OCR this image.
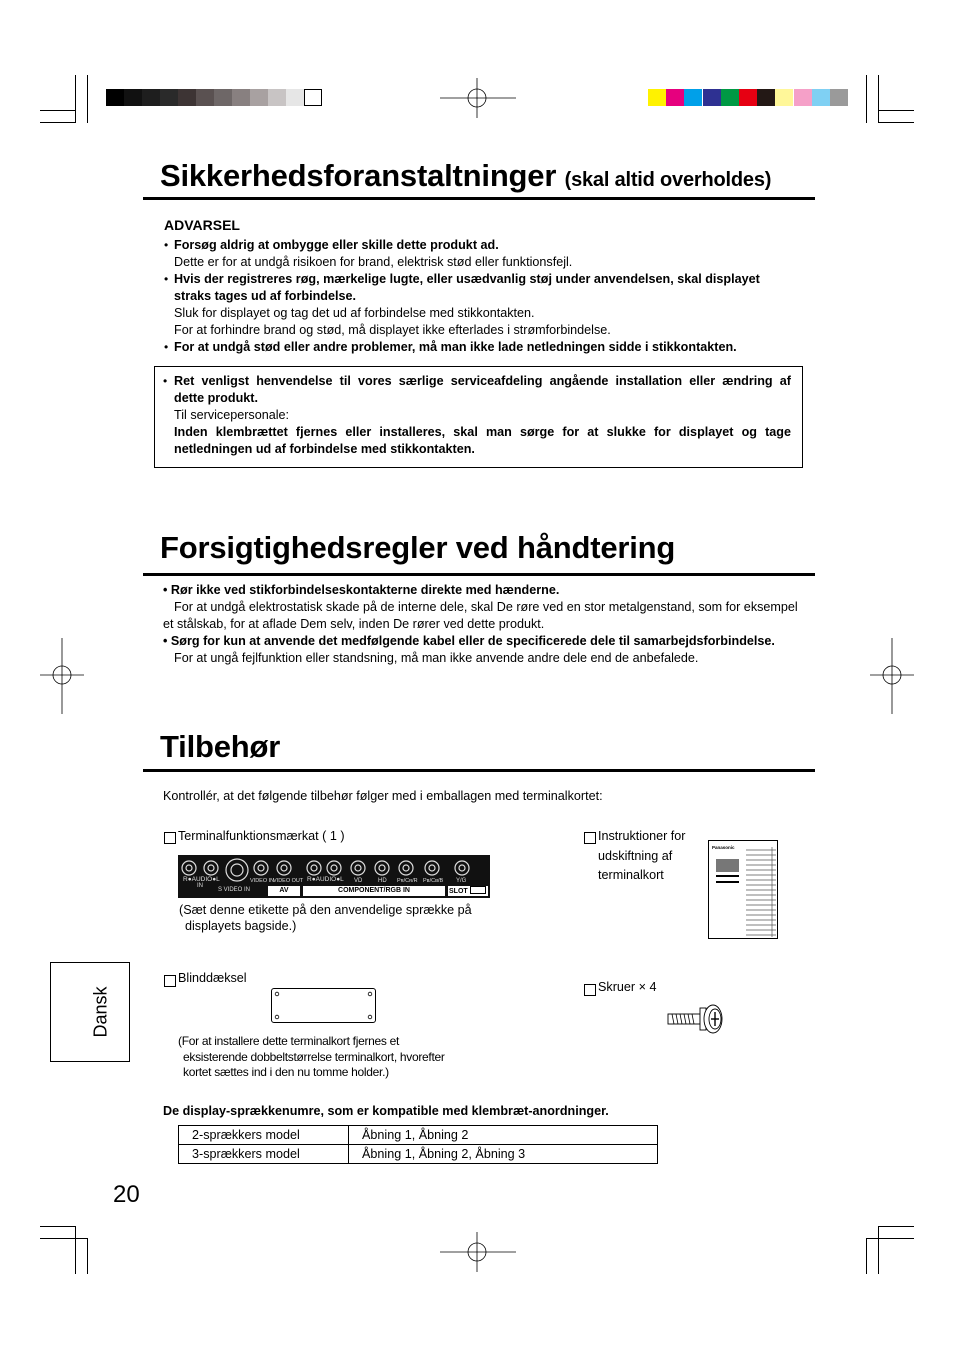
Sikkerhedsforanstaltninger (skal altid overholdes)
ADVARSEL
• Forsøg aldrig at ombygge eller skille dette produkt ad.
Dette er for at undgå risikoen for brand, elektrisk stød eller funktionsfejl.
• Hvis der registreres røg, mærkelige lugte, eller usædvanlig støj under anvendelsen, skal displayet
straks tages ud af forbindelse.
Sluk for displayet og tag det ud af forbindelse med stikkontakten.
For at forhindre brand og stød, må displayet ikke efterlades i strømforbindelse.
• For at undgå stød eller andre problemer, må man ikke lade netledningen sidde i stikkontakten.
• Ret venligst henvendelse til vores særlige serviceafdeling angående installation eller ændring af
dette produkt.
Til servicepersonale:
Inden klembrættet fjernes eller installeres, skal man sørge for at slukke for displayet og tage
netledningen ud af forbindelse med stikkontakten.
Forsigtighedsregler ved håndtering
• Rør ikke ved stikforbindelseskontakterne direkte med hænderne.
For at undgå elektrostatisk skade på de interne dele, skal De røre ved en stor metalgenstand, som for eksempel
et stålskab, for at aflade Dem selv, inden De rører ved dette produkt.
• Sørg for kun at anvende det medfølgende kabel eller de specificerede dele til samarbejdsforbindelse.
For at ungå fejlfunktion eller standsning, må man ikke anvende andre dele end de anbefalede.
Tilbehør
Kontrollér, at det følgende tilbehør følger med i emballagen med terminalkortet:
Terminalfunktionsmærkat ( 1 )
R●AUDIO●L
IN
S VIDEO IN
VIDEO IN
VIDEO OUT
AV
R●AUDIO●L VD	HD Pʀ/Cʀ/R Pʙ/Cʙ/B Y/G
COMPONENT/RGB IN	SLOT
(Sæt denne etikette på den anvendelige sprække på
displayets bagside.)
Instruktioner for
udskiftning af
terminalkort
Panasonic
Blinddæksel
(For at installere dette terminalkort fjernes et
eksisterende dobbeltstørrelse terminalkort, hvorefter
kortet sættes ind i den nu tomme holder.)
Skruer × 4
De display-sprækkenumre, som er kompatible med klembræt-anordninger.
2-sprækkers model	Åbning 1, Åbning 2
3-sprækkers model	Åbning 1, Åbning 2, Åbning 3
Dansk
20
